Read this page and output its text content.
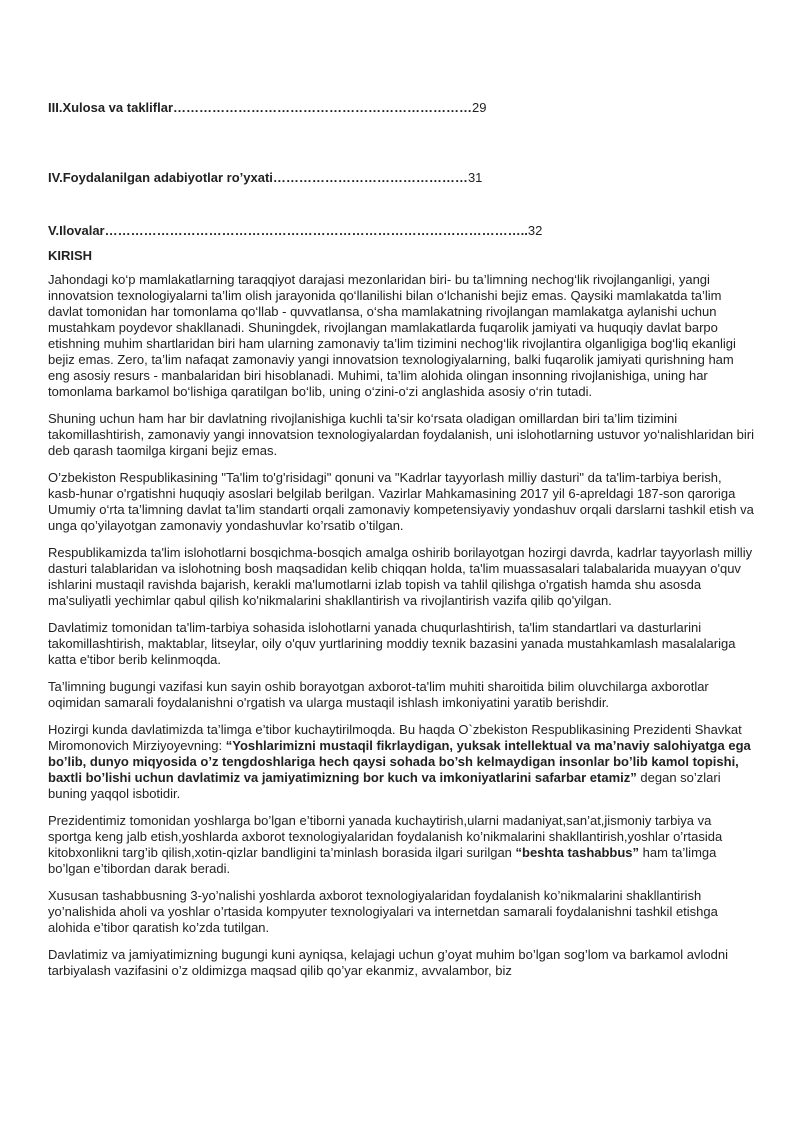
III.Xulosa va takliflar……………………………………………………………29
IV.Foydalanilgan adabiyotlar ro’yxati………………………………………31
V.Ilovalar……………………………………………………………………………………..32
KIRISH

Jahondagi ko‘p mamlakatlarning taraqqiyot darajasi mezonlaridan biri- bu ta’limning nechog‘lik rivojlanganligi, yangi innovatsion texnologiyalarni ta’lim olish jarayonida qo‘llanilishi bilan o‘lchanishi bejiz emas. Qaysiki mamlakatda ta’lim davlat tomonidan har tomonlama qo‘llab - quvvatlansa, o‘sha mamlakatning rivojlangan mamlakatga aylanishi uchun mustahkam poydevor shakllanadi. Shuningdek, rivojlangan mamlakatlarda fuqarolik jamiyati va huquqiy davlat barpo etishning muhim shartlaridan biri ham ularning zamonaviy ta’lim tizimini nechog‘lik rivojlantira olganligiga bog‘liq ekanligi bejiz emas. Zero, ta’lim nafaqat zamonaviy yangi innovatsion texnologiyalarning, balki fuqarolik jamiyati qurishning ham eng asosiy resurs - manbalaridan biri hisoblanadi. Muhimi, ta’lim alohida olingan insonning rivojlanishiga, uning har tomonlama barkamol bo‘lishiga qaratilgan bo‘lib, uning o‘zini-o‘zi anglashida asosiy o‘rin tutadi.

Shuning uchun ham har bir davlatning rivojlanishiga kuchli ta’sir ko‘rsata oladigan omillardan biri ta’lim tizimini takomillashtirish, zamonaviy yangi innovatsion texnologiyalardan foydalanish, uni islohotlarning ustuvor yo‘nalishlaridan biri deb qarash taomilga kirgani bejiz emas.

O’zbekiston Respublikasining "Ta'lim to'g'risidagi" qonuni va "Kadrlar tayyorlash milliy dasturi" da ta'lim-tarbiya berish, kasb-hunar o'rgatishni huquqiy asoslari belgilab berilgan. Vazirlar Mahkamasining 2017 yil 6-apreldagi 187-son qaroriga Umumiy o‘rta ta’limning davlat ta’lim standarti orqali zamonaviy kompetensiyaviy yondashuv orqali darslarni tashkil etish va unga qo’yilayotgan zamonaviy yondashuvlar ko’rsatib o’tilgan.

Respublikamizda ta'lim islohotlarni bosqichma-bosqich amalga oshirib borilayotgan hozirgi davrda, kadrlar tayyorlash milliy dasturi talablaridan va islohotning bosh maqsadidan kelib chiqqan holda, ta'lim muassasalari talabalarida muayyan o'quv ishlarini mustaqil ravishda bajarish, kerakli ma'lumotlarni izlab topish va tahlil qilishga o'rgatish hamda shu asosda ma'suliyatli yechimlar qabul qilish ko'nikmalarini shakllantirish va rivojlantirish vazifa qilib qo'yilgan.

Davlatimiz tomonidan ta'lim-tarbiya sohasida islohotlarni yanada chuqurlashtirish, ta'lim standartlari va dasturlarini takomillashtirish, maktablar, litseylar, oily o'quv yurtlarining moddiy texnik bazasini yanada mustahkamlash masalalariga katta e'tibor berib kelinmoqda.

Ta’limning bugungi vazifasi kun sayin oshib borayotgan axborot-ta'lim muhiti sharoitida bilim oluvchilarga axborotlar oqimidan samarali foydalanishni o'rgatish va ularga mustaqil ishlash imkoniyatini yaratib berishdir.

Hozirgi kunda davlatimizda ta’limga e’tibor kuchaytirilmoqda. Bu haqda O`zbekiston Respublikasining Prezidenti Shavkat Miromonovich Mirziyoyevning: “Yoshlarimizni mustaqil fikrlaydigan, yuksak intellektual va ma’naviy salohiyatga ega bo’lib, dunyo miqyosida o’z tengdoshlariga hech qaysi sohada bo’sh kelmaydigan insonlar bo’lib kamol topishi, baxtli bo’lishi uchun davlatimiz va jamiyatimizning bor kuch va imkoniyatlarini safarbar etamiz” degan so’zlari buning yaqqol isbotidir.

Prezidentimiz tomonidan yoshlarga bo’lgan e’tiborni yanada kuchaytirish,ularni madaniyat,san’at,jismoniy tarbiya va sportga keng jalb etish,yoshlarda axborot texnologiyalaridan foydalanish ko’nikmalarini shakllantirish,yoshlar o’rtasida kitobxonlikni targ’ib qilish,xotin-qizlar bandligini ta’minlash borasida ilgari surilgan “beshta tashabbus” ham ta’limga bo’lgan e’tibordan darak beradi.

Xususan tashabbusning 3-yo’nalishi yoshlarda axborot texnologiyalaridan foydalanish ko’nikmalarini shakllantirish yo’nalishida aholi va yoshlar o’rtasida kompyuter texnologiyalari va internetdan samarali foydalanishni tashkil etishga alohida e’tibor qaratish ko’zda tutilgan.

Davlatimiz va jamiyatimizning bugungi kuni ayniqsa, kelajagi uchun g’oyat muhim bo’lgan sog’lom va barkamol avlodni tarbiyalash vazifasini o’z oldimizga maqsad qilib qo’yar ekanmiz, avvalambor, biz
